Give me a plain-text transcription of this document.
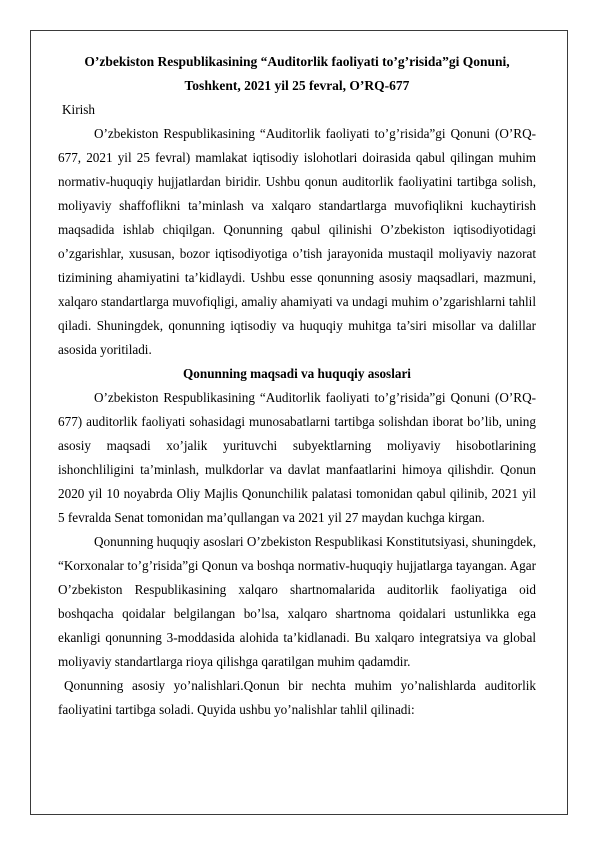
O’zbekiston Respublikasining “Auditorlik faoliyati to’g’risida”gi Qonuni,

Toshkent, 2021 yil 25 fevral, O’RQ-677

Kirish

O’zbekiston Respublikasining “Auditorlik faoliyati to’g’risida”gi Qonuni (O’RQ-677, 2021 yil 25 fevral) mamlakat iqtisodiy islohotlari doirasida qabul qilingan muhim normativ-huquqiy hujjatlardan biridir. Ushbu qonun auditorlik faoliyatini tartibga solish, moliyaviy shaffoflikni ta’minlash va xalqaro standartlarga muvofiqlikni kuchaytirish maqsadida ishlab chiqilgan. Qonunning qabul qilinishi O’zbekiston iqtisodiyotidagi o’zgarishlar, xususan, bozor iqtisodiyotiga o’tish jarayonida mustaqil moliyaviy nazorat tizimining ahamiyatini ta’kidlaydi. Ushbu esse qonunning asosiy maqsadlari, mazmuni, xalqaro standartlarga muvofiqligi, amaliy ahamiyati va undagi muhim o’zgarishlarni tahlil qiladi. Shuningdek, qonunning iqtisodiy va huquqiy muhitga ta’siri misollar va dalillar asosida yoritiladi.

Qonunning maqsadi va huquqiy asoslari

O’zbekiston Respublikasining “Auditorlik faoliyati to’g’risida”gi Qonuni (O’RQ-677) auditorlik faoliyati sohasidagi munosabatlarni tartibga solishdan iborat bo’lib, uning asosiy maqsadi xo’jalik yurituvchi subyektlarning moliyaviy hisobotlarining ishonchliligini ta’minlash, mulkdorlar va davlat manfaatlarini himoya qilishdir. Qonun 2020 yil 10 noyabrda Oliy Majlis Qonunchilik palatasi tomonidan qabul qilinib, 2021 yil 5 fevralda Senat tomonidan ma’qullangan va 2021 yil 27 maydan kuchga kirgan.

Qonunning huquqiy asoslari O’zbekiston Respublikasi Konstitutsiyasi, shuningdek, “Korxonalar to’g’risida”gi Qonun va boshqa normativ-huquqiy hujjatlarga tayangan. Agar O’zbekiston Respublikasining xalqaro shartnomalarida auditorlik faoliyatiga oid boshqacha qoidalar belgilangan bo’lsa, xalqaro shartnoma qoidalari ustunlikka ega ekanligi qonunning 3-moddasida alohida ta’kidlanadi. Bu xalqaro integratsiya va global moliyaviy standartlarga rioya qilishga qaratilgan muhim qadamdir.

Qonunning asosiy yo’nalishlari.Qonun bir nechta muhim yo’nalishlarda auditorlik faoliyatini tartibga soladi. Quyida ushbu yo’nalishlar tahlil qilinadi:
